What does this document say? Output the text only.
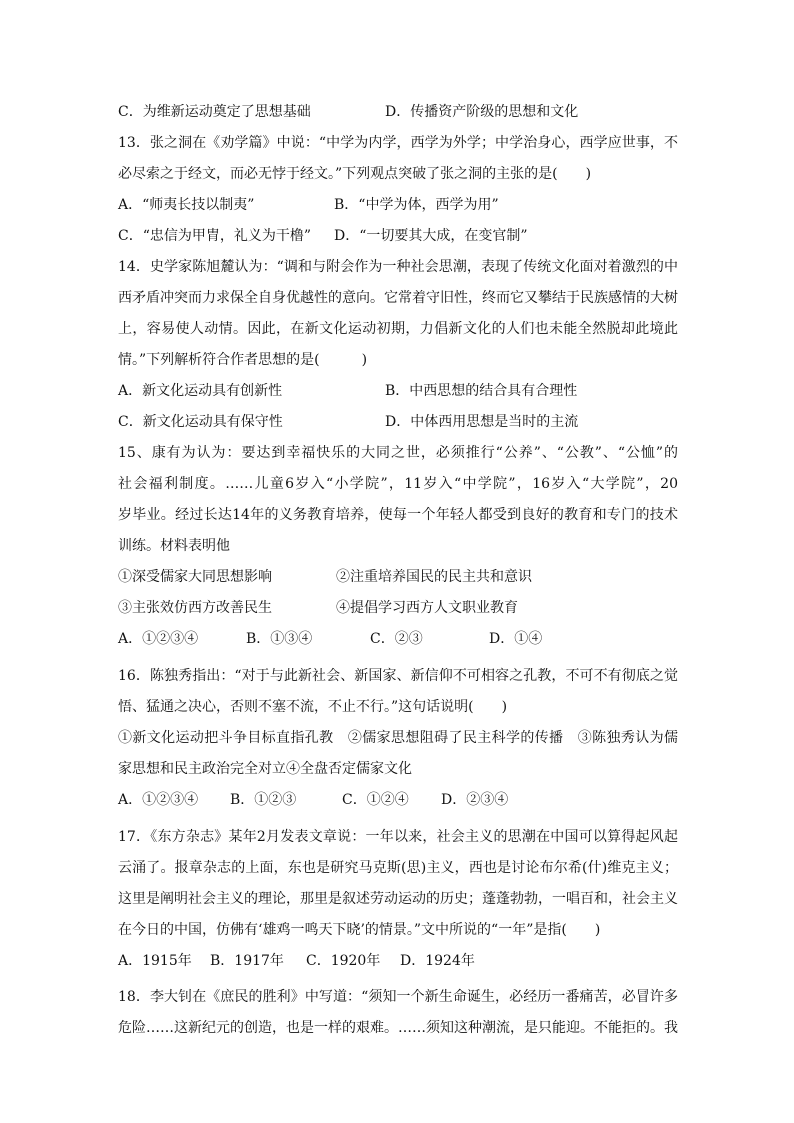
C．为维新运动奠定了思想基础	D．传播资产阶级的思想和文化
13．张之洞在《劝学篇》中说：“中学为内学，西学为外学；中学治身心，西学应世事，不
必尽索之于经文，而必无悖于经文。”下列观点突破了张之洞的主张的是(　　)
A．“师夷长技以制夷”	B．“中学为体，西学为用”
C．“忠信为甲胄，礼义为干橹” D．“一切要其大成，在变官制”
14．史学家陈旭麓认为：“调和与附会作为一种社会思潮，表现了传统文化面对着激烈的中
西矛盾冲突而力求保全自身优越性的意向。它常着守旧性，终而它又攀结于民族感情的大树
上，容易使人动情。因此，在新文化运动初期，力倡新文化的人们也未能全然脱却此境此
情。”下列解析符合作者思想的是(　　　)
A．新文化运动具有创新性	B．中西思想的结合具有合理性
C．新文化运动具有保守性	D．中体西用思想是当时的主流
15、康有为认为：要达到幸福快乐的大同之世，必须推行“公养”、“公教”、“公恤”的
社会福利制度。……儿童6岁入“小学院”，11岁入“中学院”，16岁入“大学院”，20
岁毕业。经过长达14年的义务教育培养，使每一个年轻人都受到良好的教育和专门的技术
训练。材料表明他
①深受儒家大同思想影响	②注重培养国民的民主共和意识
③主张效仿西方改善民生	④提倡学习西方人文职业教育
A．①②③④	B．①③④	C．②③	D．①④
16．陈独秀指出：“对于与此新社会、新国家、新信仰不可相容之孔教，不可不有彻底之觉
悟、猛通之决心，否则不塞不流，不止不行。”这句话说明(　　)
①新文化运动把斗争目标直指孔教　②儒家思想阻碍了民主科学的传播　③陈独秀认为儒
家思想和民主政治完全对立④全盘否定儒家文化
A．①②③④ B．①②③	C．①②④ D．②③④
17．《东方杂志》某年2月发表文章说：一年以来，社会主义的思潮在中国可以算得起风起
云涌了。报章杂志的上面，东也是研究马克斯(思)主义，西也是讨论布尔希(什)维克主义；
这里是阐明社会主义的理论，那里是叙述劳动运动的历史；蓬蓬勃勃，一唱百和，社会主义
在今日的中国，仿佛有‘雄鸡一鸣天下晓’的情景。”文中所说的“一年”是指(　　)
A．1915年 B．1917年 C．1920年 D．1924年
18．李大钊在《庶民的胜利》中写道：“须知一个新生命诞生，必经历一番痛苦，必冒许多
危险……这新纪元的创造，也是一样的艰难。……须知这种潮流，是只能迎。不能拒的。我
